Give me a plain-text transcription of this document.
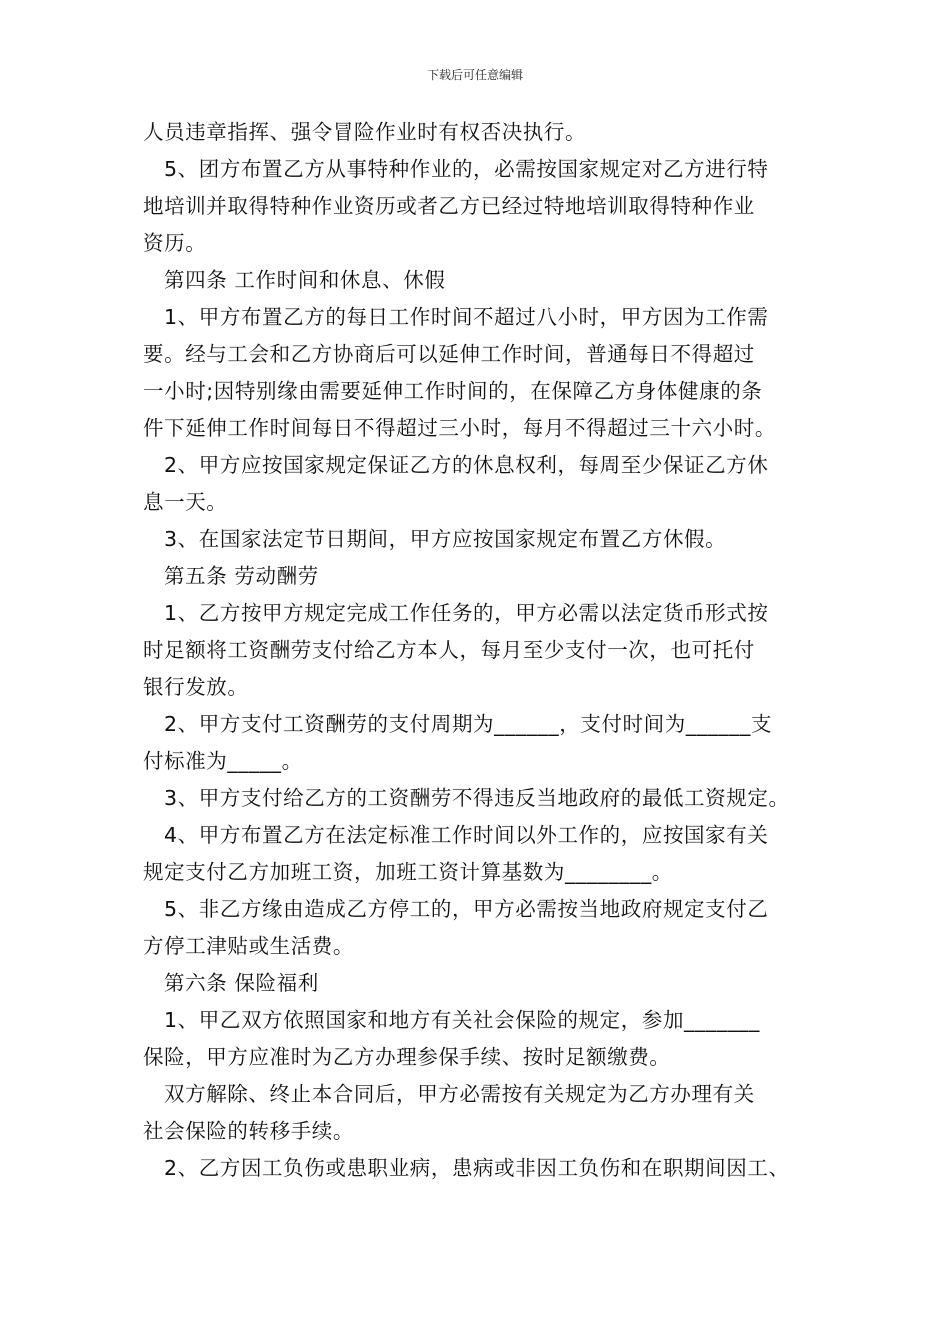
下载后可任意编辑
人员违章指挥、强令冒险作业时有权否决执行。
5、团方布置乙方从事特种作业的，必需按国家规定对乙方进行特
地培训并取得特种作业资历或者乙方已经过特地培训取得特种作业
资历。
第四条 工作时间和休息、休假
1、甲方布置乙方的每日工作时间不超过八小时，甲方因为工作需
要。经与工会和乙方协商后可以延伸工作时间，普通每日不得超过
一小时;因特别缘由需要延伸工作时间的，在保障乙方身体健康的条
件下延伸工作时间每日不得超过三小时，每月不得超过三十六小时。
2、甲方应按国家规定保证乙方的休息权利，每周至少保证乙方休
息一天。
3、在国家法定节日期间，甲方应按国家规定布置乙方休假。
第五条 劳动酬劳
1、乙方按甲方规定完成工作任务的，甲方必需以法定货币形式按
时足额将工资酬劳支付给乙方本人，每月至少支付一次，也可托付
银行发放。
2、甲方支付工资酬劳的支付周期为______，支付时间为______支
付标准为_____。
3、甲方支付给乙方的工资酬劳不得违反当地政府的最低工资规定。
4、甲方布置乙方在法定标准工作时间以外工作的，应按国家有关
规定支付乙方加班工资，加班工资计算基数为________。
5、非乙方缘由造成乙方停工的，甲方必需按当地政府规定支付乙
方停工津贴或生活费。
第六条 保险福利
1、甲乙双方依照国家和地方有关社会保险的规定，参加_______
保险，甲方应准时为乙方办理参保手续、按时足额缴费。
双方解除、终止本合同后，甲方必需按有关规定为乙方办理有关
社会保险的转移手续。
2、乙方因工负伤或患职业病，患病或非因工负伤和在职期间因工、
